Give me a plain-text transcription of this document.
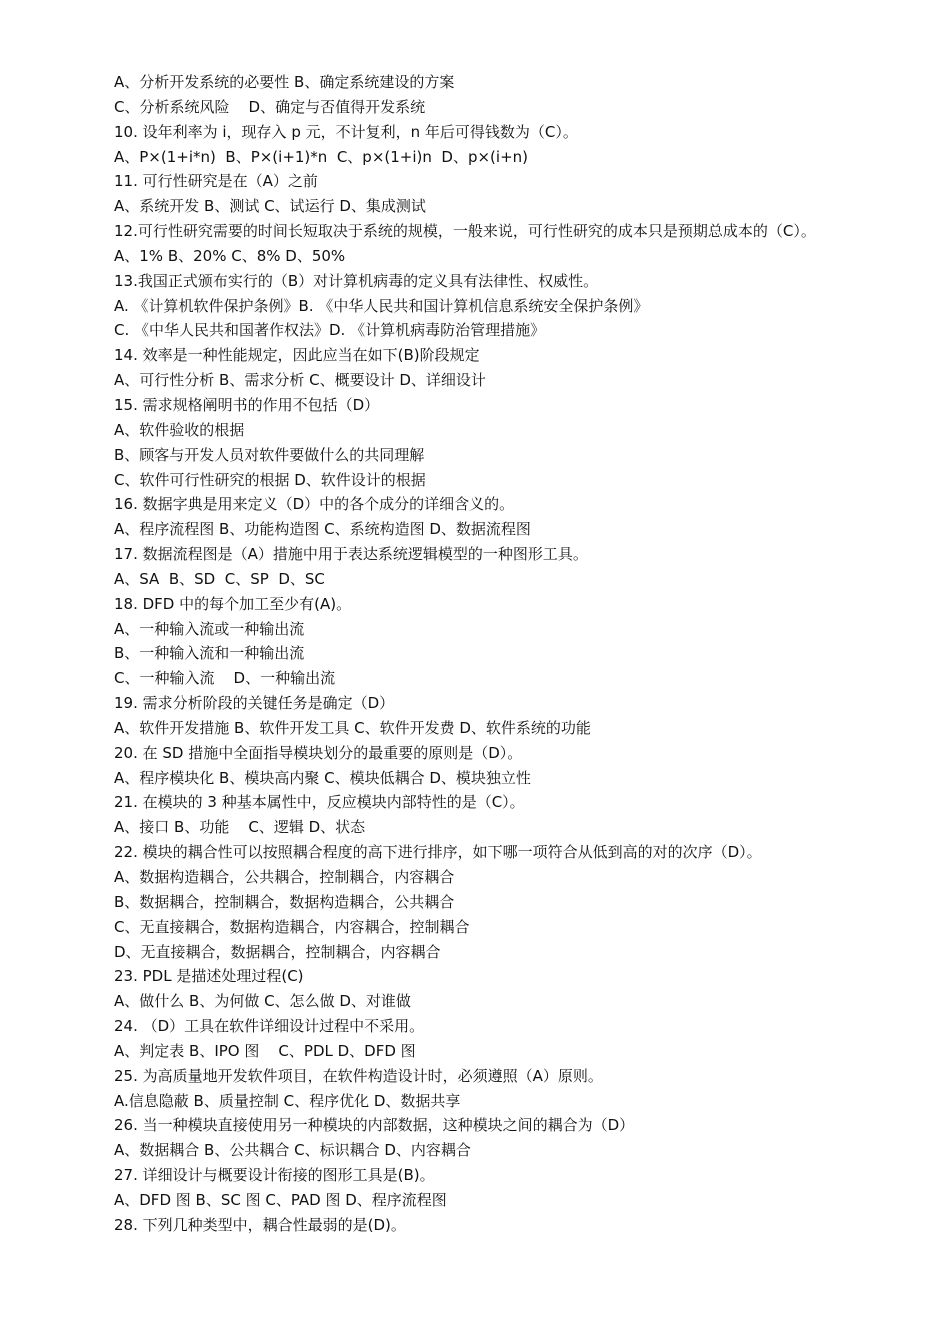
A、分析开发系统的必要性 B、确定系统建设的方案
C、分析系统风险    D、确定与否值得开发系统
10. 设年利率为 i，现存入 p 元，不计复利，n 年后可得钱数为（C）。
A、P×(1+i*n)  B、P×(i+1)*n  C、p×(1+i)n  D、p×(i+n)
11. 可行性研究是在（A）之前
A、系统开发 B、测试 C、试运行 D、集成测试
12.可行性研究需要的时间长短取决于系统的规模，一般来说，可行性研究的成本只是预期总成本的（C）。
A、1% B、20% C、8% D、50%
13.我国正式颁布实行的（B）对计算机病毒的定义具有法律性、权威性。
A. 《计算机软件保护条例》B. 《中华人民共和国计算机信息系统安全保护条例》
C. 《中华人民共和国著作权法》D. 《计算机病毒防治管理措施》
14. 效率是一种性能规定，因此应当在如下(B)阶段规定
A、可行性分析 B、需求分析 C、概要设计 D、详细设计
15. 需求规格阐明书的作用不包括（D）
A、软件验收的根据
B、顾客与开发人员对软件要做什么的共同理解
C、软件可行性研究的根据 D、软件设计的根据
16. 数据字典是用来定义（D）中的各个成分的详细含义的。
A、程序流程图 B、功能构造图 C、系统构造图 D、数据流程图
17. 数据流程图是（A）措施中用于表达系统逻辑模型的一种图形工具。
A、SA  B、SD  C、SP  D、SC
18. DFD 中的每个加工至少有(A)。
A、一种输入流或一种输出流
B、一种输入流和一种输出流
C、一种输入流    D、一种输出流
19. 需求分析阶段的关键任务是确定（D）
A、软件开发措施 B、软件开发工具 C、软件开发费 D、软件系统的功能
20. 在 SD 措施中全面指导模块划分的最重要的原则是（D）。
A、程序模块化 B、模块高内聚 C、模块低耦合 D、模块独立性
21. 在模块的 3 种基本属性中，反应模块内部特性的是（C）。
A、接口 B、功能    C、逻辑 D、状态
22. 模块的耦合性可以按照耦合程度的高下进行排序，如下哪一项符合从低到高的对的次序（D）。
A、数据构造耦合，公共耦合，控制耦合，内容耦合
B、数据耦合，控制耦合，数据构造耦合，公共耦合
C、无直接耦合，数据构造耦合，内容耦合，控制耦合
D、无直接耦合，数据耦合，控制耦合，内容耦合
23. PDL 是描述处理过程(C)
A、做什么 B、为何做 C、怎么做 D、对谁做
24. （D）工具在软件详细设计过程中不采用。
A、判定表 B、IPO 图    C、PDL D、DFD 图
25. 为高质量地开发软件项目，在软件构造设计时，必须遵照（A）原则。
A.信息隐蔽 B、质量控制 C、程序优化 D、数据共享
26. 当一种模块直接使用另一种模块的内部数据，这种模块之间的耦合为（D）
A、数据耦合 B、公共耦合 C、标识耦合 D、内容耦合
27. 详细设计与概要设计衔接的图形工具是(B)。
A、DFD 图 B、SC 图 C、PAD 图 D、程序流程图
28. 下列几种类型中，耦合性最弱的是(D)。
